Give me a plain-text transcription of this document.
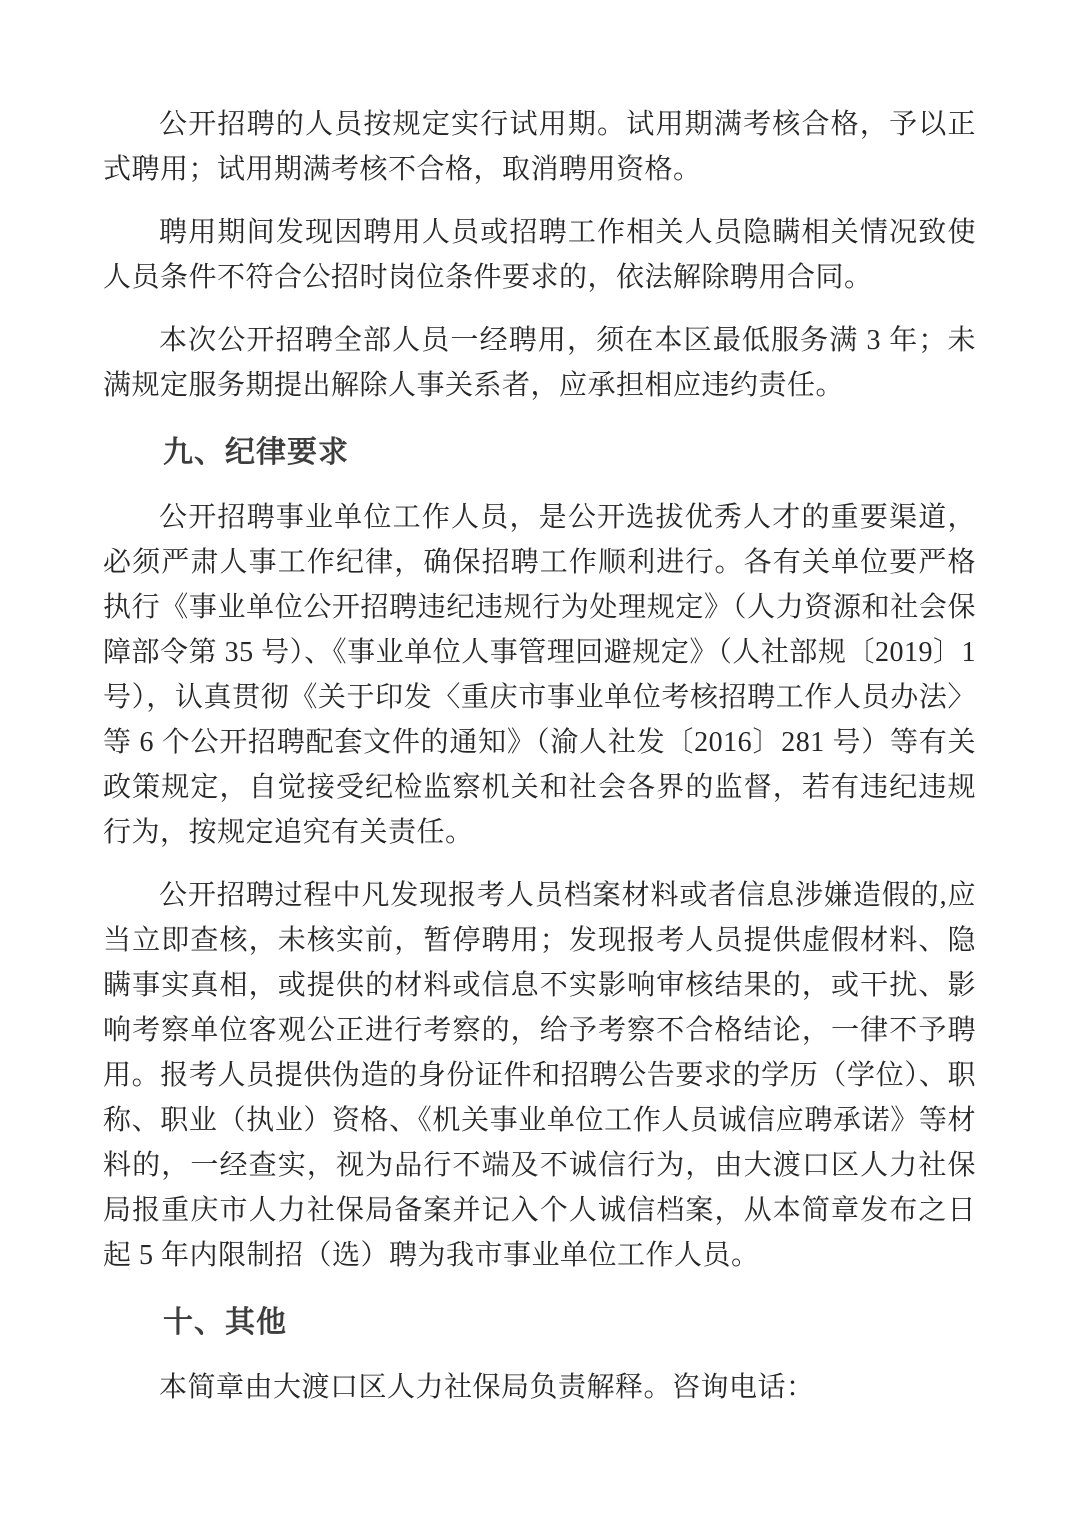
公开招聘的人员按规定实行试用期。试用期满考核合格，予以正式聘用；试用期满考核不合格，取消聘用资格。

聘用期间发现因聘用人员或招聘工作相关人员隐瞒相关情况致使人员条件不符合公招时岗位条件要求的，依法解除聘用合同。

本次公开招聘全部人员一经聘用，须在本区最低服务满 3 年；未满规定服务期提出解除人事关系者，应承担相应违约责任。

九、纪律要求

公开招聘事业单位工作人员，是公开选拔优秀人才的重要渠道，必须严肃人事工作纪律，确保招聘工作顺利进行。各有关单位要严格执行《事业单位公开招聘违纪违规行为处理规定》（人力资源和社会保障部令第 35 号）、《事业单位人事管理回避规定》（人社部规〔2019〕1 号），认真贯彻《关于印发〈重庆市事业单位考核招聘工作人员办法〉等 6 个公开招聘配套文件的通知》（渝人社发〔2016〕281 号）等有关政策规定，自觉接受纪检监察机关和社会各界的监督，若有违纪违规行为，按规定追究有关责任。

公开招聘过程中凡发现报考人员档案材料或者信息涉嫌造假的,应当立即查核，未核实前，暂停聘用；发现报考人员提供虚假材料、隐瞒事实真相，或提供的材料或信息不实影响审核结果的，或干扰、影响考察单位客观公正进行考察的，给予考察不合格结论，一律不予聘用。报考人员提供伪造的身份证件和招聘公告要求的学历（学位）、职称、职业（执业）资格、《机关事业单位工作人员诚信应聘承诺》等材料的，一经查实，视为品行不端及不诚信行为，由大渡口区人力社保局报重庆市人力社保局备案并记入个人诚信档案，从本简章发布之日起 5 年内限制招（选）聘为我市事业单位工作人员。

十、其他

本简章由大渡口区人力社保局负责解释。咨询电话：
